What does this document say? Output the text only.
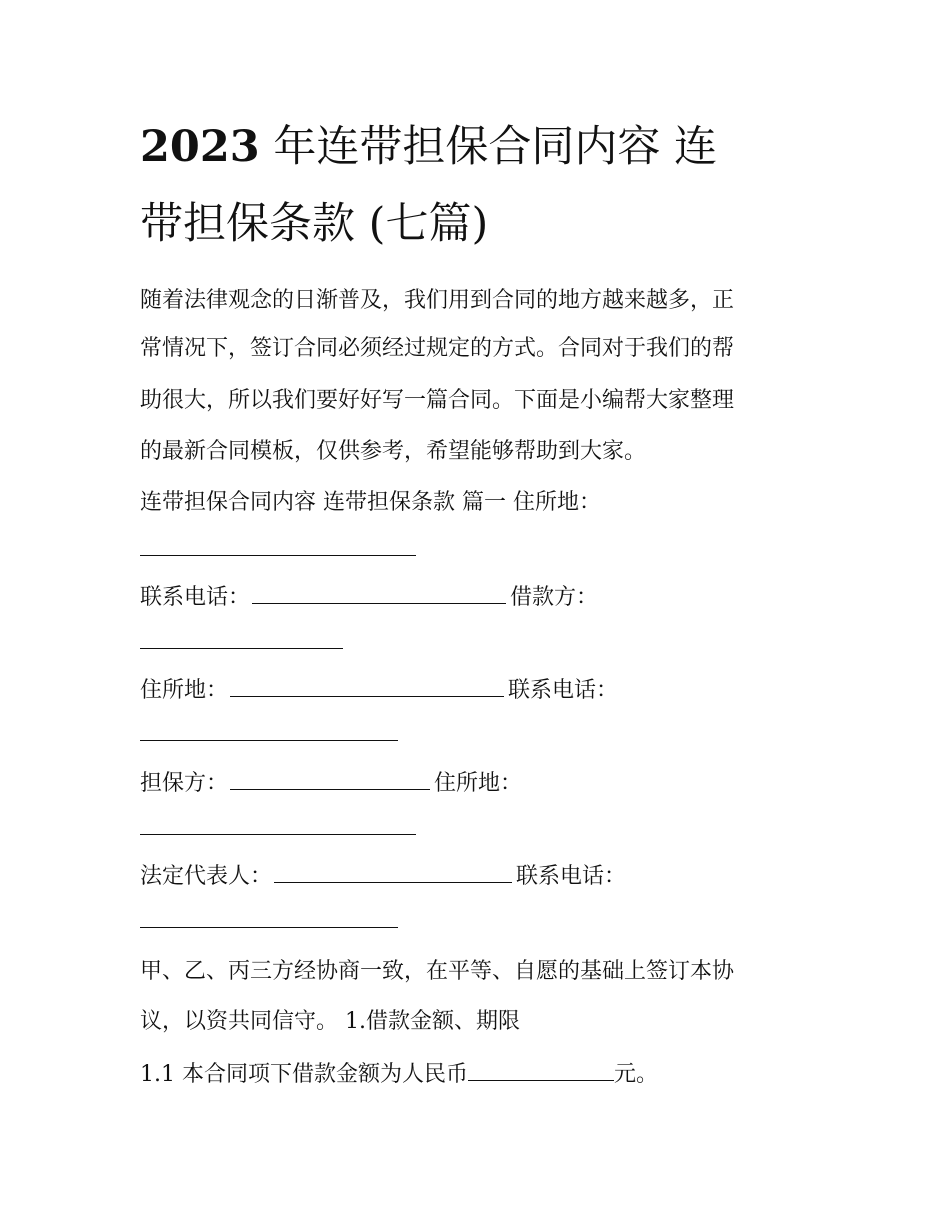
2023 年连带担保合同内容 连
带担保条款 (七篇)
随着法律观念的日渐普及，我们用到合同的地方越来越多，正
常情况下，签订合同必须经过规定的方式。合同对于我们的帮
助很大，所以我们要好好写一篇合同。下面是小编帮大家整理
的最新合同模板，仅供参考，希望能够帮助到大家。
连带担保合同内容 连带担保条款 篇一 住所地：
联系电话：	借款方：
住所地：	联系电话：
担保方：	住所地：
法定代表人：	联系电话：
甲、乙、丙三方经协商一致，在平等、自愿的基础上签订本协
议，以资共同信守。 1.借款金额、期限
1.1 本合同项下借款金额为人民币	元。
